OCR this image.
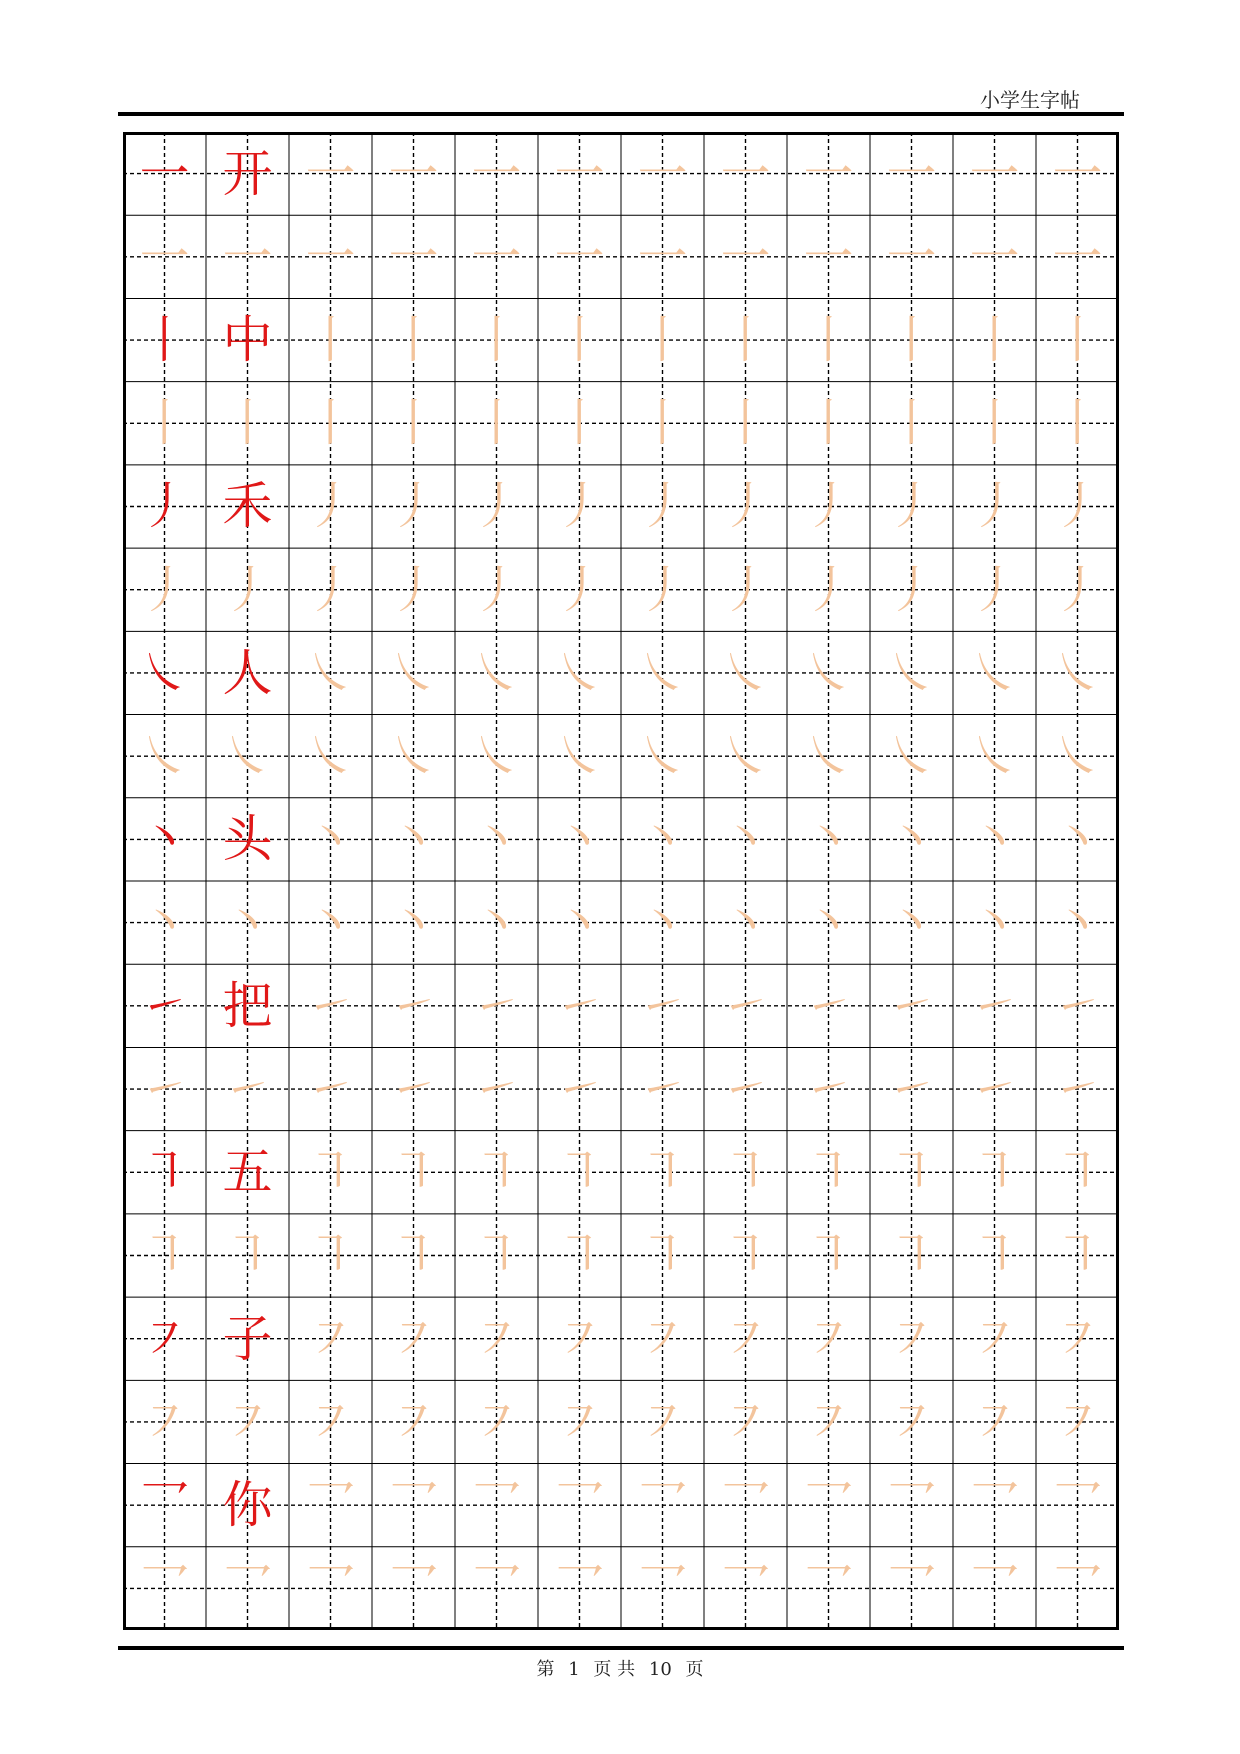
小学生字帖
一 开 一 一 一 一 一 一 一 一 一 一
一 一 一 一 一 一 一 一 一 一 一 一
丨 中 丨 丨 丨 丨 丨 丨 丨 丨 丨 丨
丨 丨 丨 丨 丨 丨 丨 丨 丨 丨 丨 丨
丿 禾 丿 丿 丿 丿 丿 丿 丿 丿 丿 丿
丿 丿 丿 丿 丿 丿 丿 丿 丿 丿 丿 丿
㇏ 人 ㇏ ㇏ ㇏ ㇏ ㇏ ㇏ ㇏ ㇏ ㇏ ㇏
㇏ ㇏ ㇏ ㇏ ㇏ ㇏ ㇏ ㇏ ㇏ ㇏ ㇏ ㇏
丶 头 丶 丶 丶 丶 丶 丶 丶 丶 丶 丶
丶 丶 丶 丶 丶 丶 丶 丶 丶 丶 丶 丶
㇀ 把 ㇀ ㇀ ㇀ ㇀ ㇀ ㇀ ㇀ ㇀ ㇀ ㇀
㇀ ㇀ ㇀ ㇀ ㇀ ㇀ ㇀ ㇀ ㇀ ㇀ ㇀ ㇀
㇕ 五 ㇕ ㇕ ㇕ ㇕ ㇕ ㇕ ㇕ ㇕ ㇕ ㇕
㇕ ㇕ ㇕ ㇕ ㇕ ㇕ ㇕ ㇕ ㇕ ㇕ ㇕ ㇕
㇇ 子 ㇇ ㇇ ㇇ ㇇ ㇇ ㇇ ㇇ ㇇ ㇇ ㇇
㇇ ㇇ ㇇ ㇇ ㇇ ㇇ ㇇ ㇇ ㇇ ㇇ ㇇ ㇇
乛 你 乛 乛 乛 乛 乛 乛 乛 乛 乛 乛
乛 乛 乛 乛 乛 乛 乛 乛 乛 乛 乛 乛
第 1 页 共 10 页
